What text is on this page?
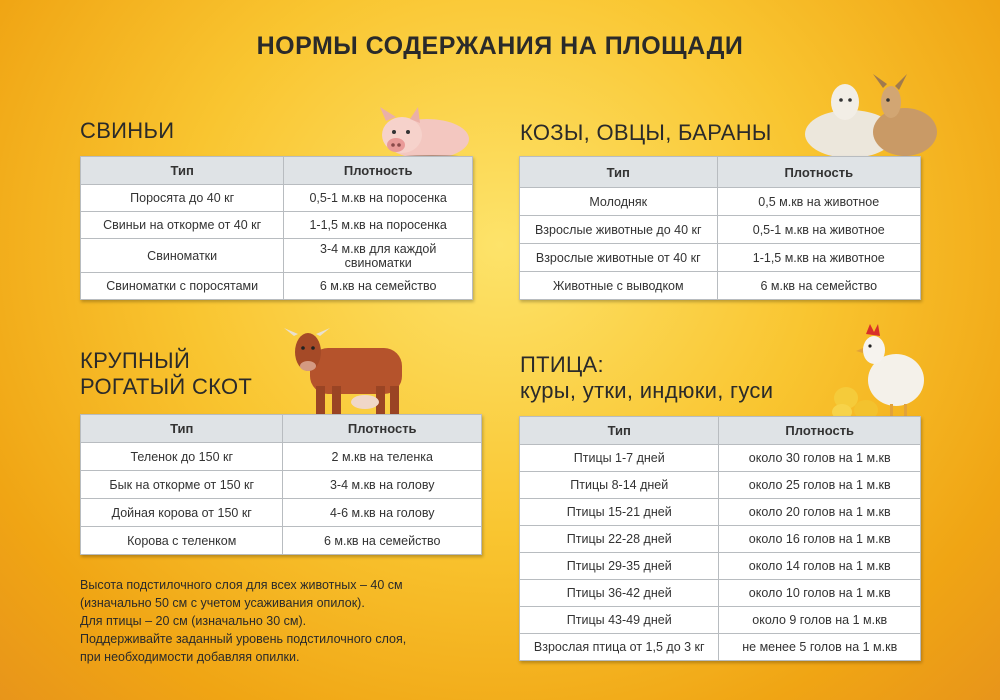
НОРМЫ СОДЕРЖАНИЯ НА ПЛОЩАДИ
СВИНЬИ
Тип	Плотность
Поросята до 40 кг	0,5-1 м.кв на поросенка
Свиньи на откорме от 40 кг	1-1,5 м.кв на поросенка
Свиноматки	3-4 м.кв для каждой свиноматки
Свиноматки с поросятами	6 м.кв на семейство
КОЗЫ, ОВЦЫ, БАРАНЫ
Тип	Плотность
Молодняк	0,5 м.кв на животное
Взрослые животные до 40 кг	0,5-1 м.кв на животное
Взрослые животные от 40 кг	1-1,5 м.кв на животное
Животные с выводком	6 м.кв на семейство
КРУПНЫЙ
РОГАТЫЙ СКОТ
Тип	Плотность
Теленок до 150 кг	2 м.кв на теленка
Бык на откорме от 150 кг	3-4 м.кв на голову
Дойная корова от 150 кг	4-6 м.кв на голову
Корова с теленком	6 м.кв на семейство
Высота подстилочного слоя для всех животных – 40 см
(изначально 50 см с учетом усаживания опилок).
Для птицы – 20 см (изначально 30 см).
Поддерживайте заданный уровень подстилочного слоя,
при необходимости добавляя опилки.
ПТИЦА:
куры, утки, индюки, гуси
Тип	Плотность
Птицы 1-7 дней	около 30 голов на 1 м.кв
Птицы 8-14 дней	около 25 голов на 1 м.кв
Птицы 15-21 дней	около 20 голов на 1 м.кв
Птицы 22-28 дней	около 16 голов на 1 м.кв
Птицы 29-35 дней	около 14 голов на 1 м.кв
Птицы 36-42 дней	около 10 голов на 1 м.кв
Птицы 43-49 дней	около 9 голов на 1 м.кв
Взрослая птица от 1,5 до 3 кг	не менее 5 голов на 1 м.кв
